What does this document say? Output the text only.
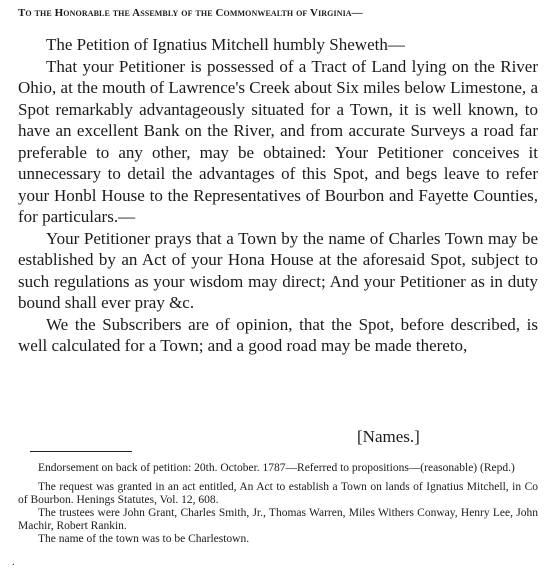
To the Honorable the Assembly of the Commonwealth of Virginia—

The Petition of Ignatius Mitchell humbly Sheweth—

That your Petitioner is possessed of a Tract of Land lying on the River Ohio, at the mouth of Lawrence's Creek about Six miles below Limestone, a Spot remarkably advantageously situated for a Town, it is well known, to have an excellent Bank on the River, and from accurate Surveys a road far preferable to any other, may be obtained: Your Petitioner conceives it unnecessary to detail the advantages of this Spot, and begs leave to refer your Honbl House to the Representatives of Bourbon and Fayette Counties, for particulars.—

Your Petitioner prays that a Town by the name of Charles Town may be established by an Act of your Hona House at the aforesaid Spot, subject to such regulations as your wisdom may direct; And your Petitioner as in duty bound shall ever pray &c.

We the Subscribers are of opinion, that the Spot, before described, is well calculated for a Town; and a good road may be made thereto,

[Names.]

Endorsement on back of petition: 20th. October. 1787—Referred to propositions—(reasonable) (Repd.)

The request was granted in an act entitled, An Act to establish a Town on lands of Ignatius Mitchell, in Co of Bourbon. Henings Statutes, Vol. 12, 608.

The trustees were John Grant, Charles Smith, Jr., Thomas Warren, Miles Withers Conway, Henry Lee, John Machir, Robert Rankin.

The name of the town was to be Charlestown.

.
